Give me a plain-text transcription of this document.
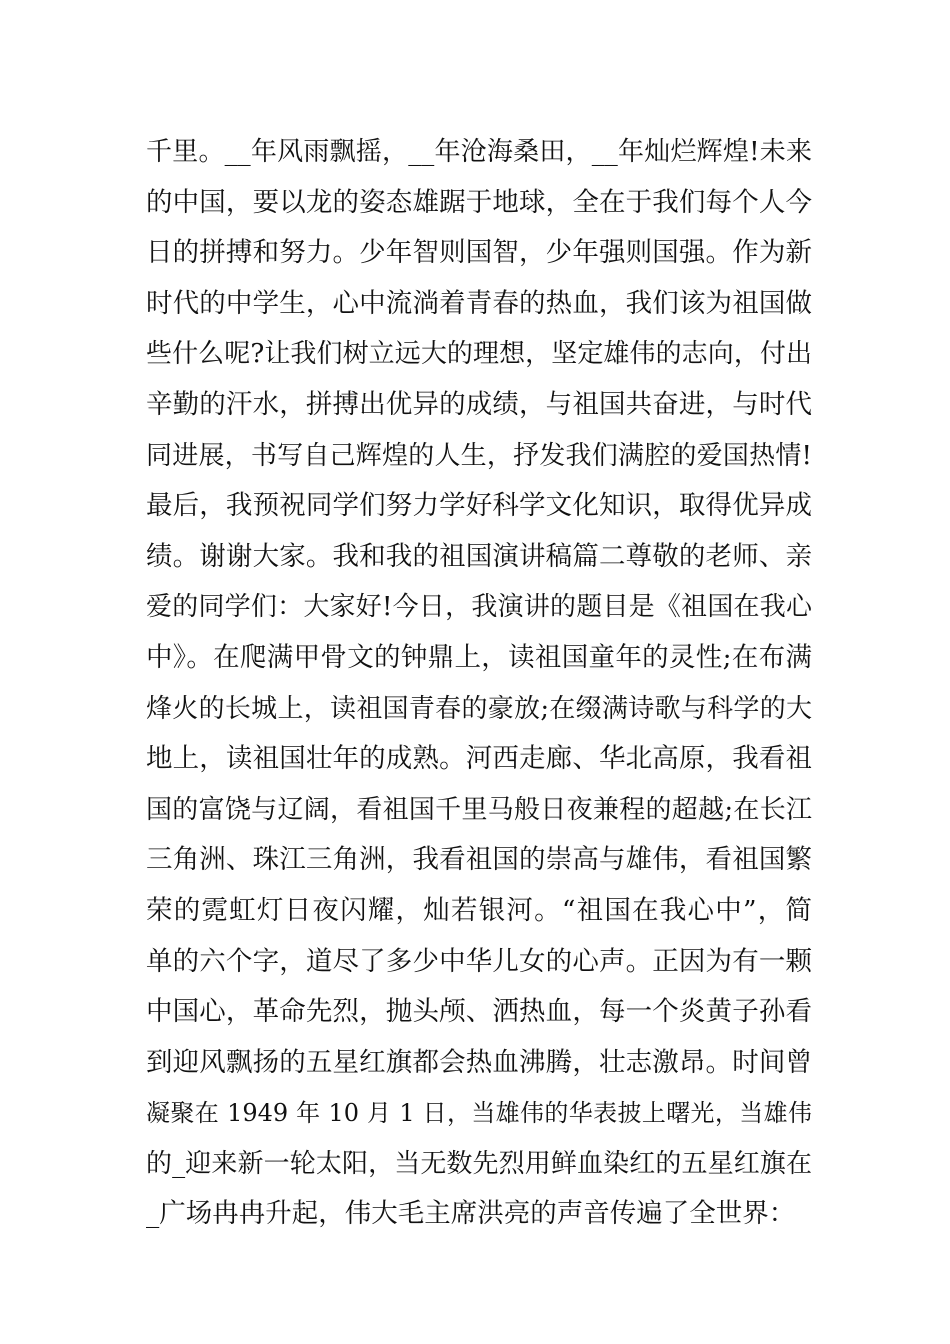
千里。__年风雨飘摇，__年沧海桑田，__年灿烂辉煌!未来
的中国，要以龙的姿态雄踞于地球，全在于我们每个人今
日的拼搏和努力。少年智则国智，少年强则国强。作为新
时代的中学生，心中流淌着青春的热血，我们该为祖国做
些什么呢?让我们树立远大的理想，坚定雄伟的志向，付出
辛勤的汗水，拼搏出优异的成绩，与祖国共奋进，与时代
同进展，书写自己辉煌的人生，抒发我们满腔的爱国热情!
最后，我预祝同学们努力学好科学文化知识，取得优异成
绩。谢谢大家。我和我的祖国演讲稿篇二尊敬的老师、亲
爱的同学们：大家好!今日，我演讲的题目是《祖国在我心
中》。在爬满甲骨文的钟鼎上，读祖国童年的灵性;在布满
烽火的长城上，读祖国青春的豪放;在缀满诗歌与科学的大
地上，读祖国壮年的成熟。河西走廊、华北高原，我看祖
国的富饶与辽阔，看祖国千里马般日夜兼程的超越;在长江
三角洲、珠江三角洲，我看祖国的崇高与雄伟，看祖国繁
荣的霓虹灯日夜闪耀，灿若银河。“祖国在我心中”，简
单的六个字，道尽了多少中华儿女的心声。正因为有一颗
中国心，革命先烈，抛头颅、洒热血，每一个炎黄子孙看
到迎风飘扬的五星红旗都会热血沸腾，壮志激昂。时间曾
凝聚在 1949 年 10 月 1 日，当雄伟的华表披上曙光，当雄伟
的_迎来新一轮太阳，当无数先烈用鲜血染红的五星红旗在
_广场冉冉升起，伟大毛主席洪亮的声音传遍了全世界：
